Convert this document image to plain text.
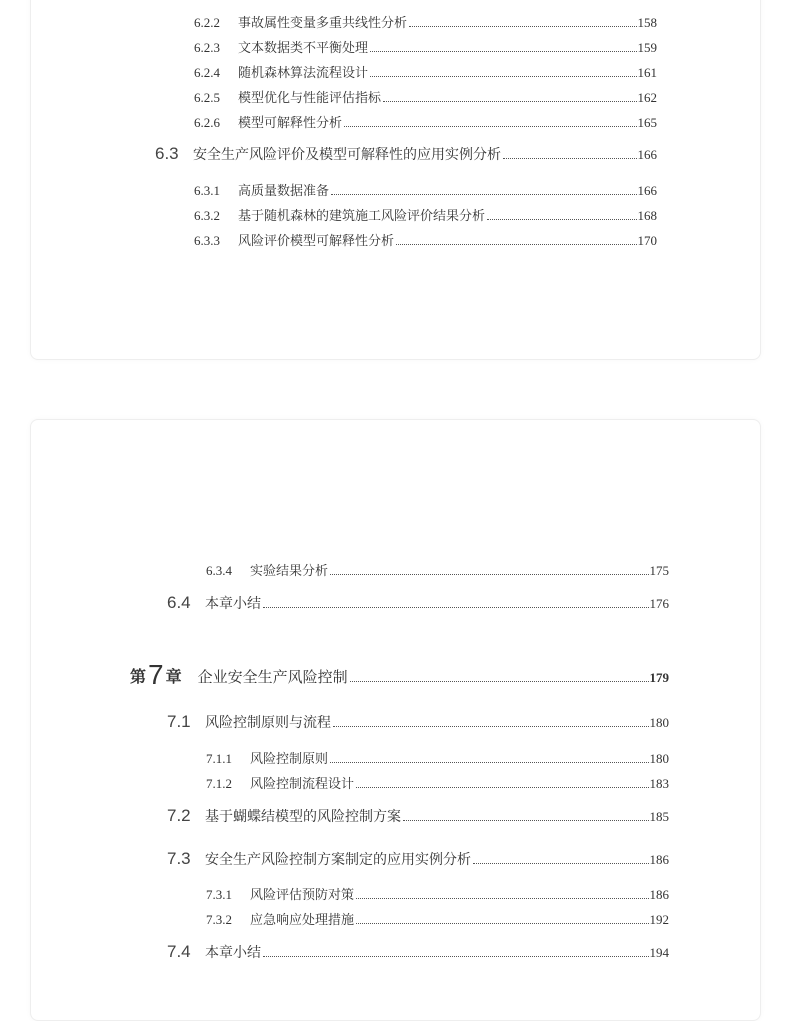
6.2.2	事故属性变量多重共线性分析	158
6.2.3	文本数据类不平衡处理	159
6.2.4	随机森林算法流程设计	161
6.2.5	模型优化与性能评估指标	162
6.2.6	模型可解释性分析	165
6.3	安全生产风险评价及模型可解释性的应用实例分析	166
6.3.1	高质量数据准备	166
6.3.2	基于随机森林的建筑施工风险评价结果分析	168
6.3.3	风险评价模型可解释性分析	170
6.3.4	实验结果分析	175
6.4	本章小结	176
第 7 章 企业安全生产风险控制	179
7.1	风险控制原则与流程	180
7.1.1	风险控制原则	180
7.1.2	风险控制流程设计	183
7.2	基于蝴蝶结模型的风险控制方案	185
7.3	安全生产风险控制方案制定的应用实例分析	186
7.3.1	风险评估预防对策	186
7.3.2	应急响应处理措施	192
7.4	本章小结	194
